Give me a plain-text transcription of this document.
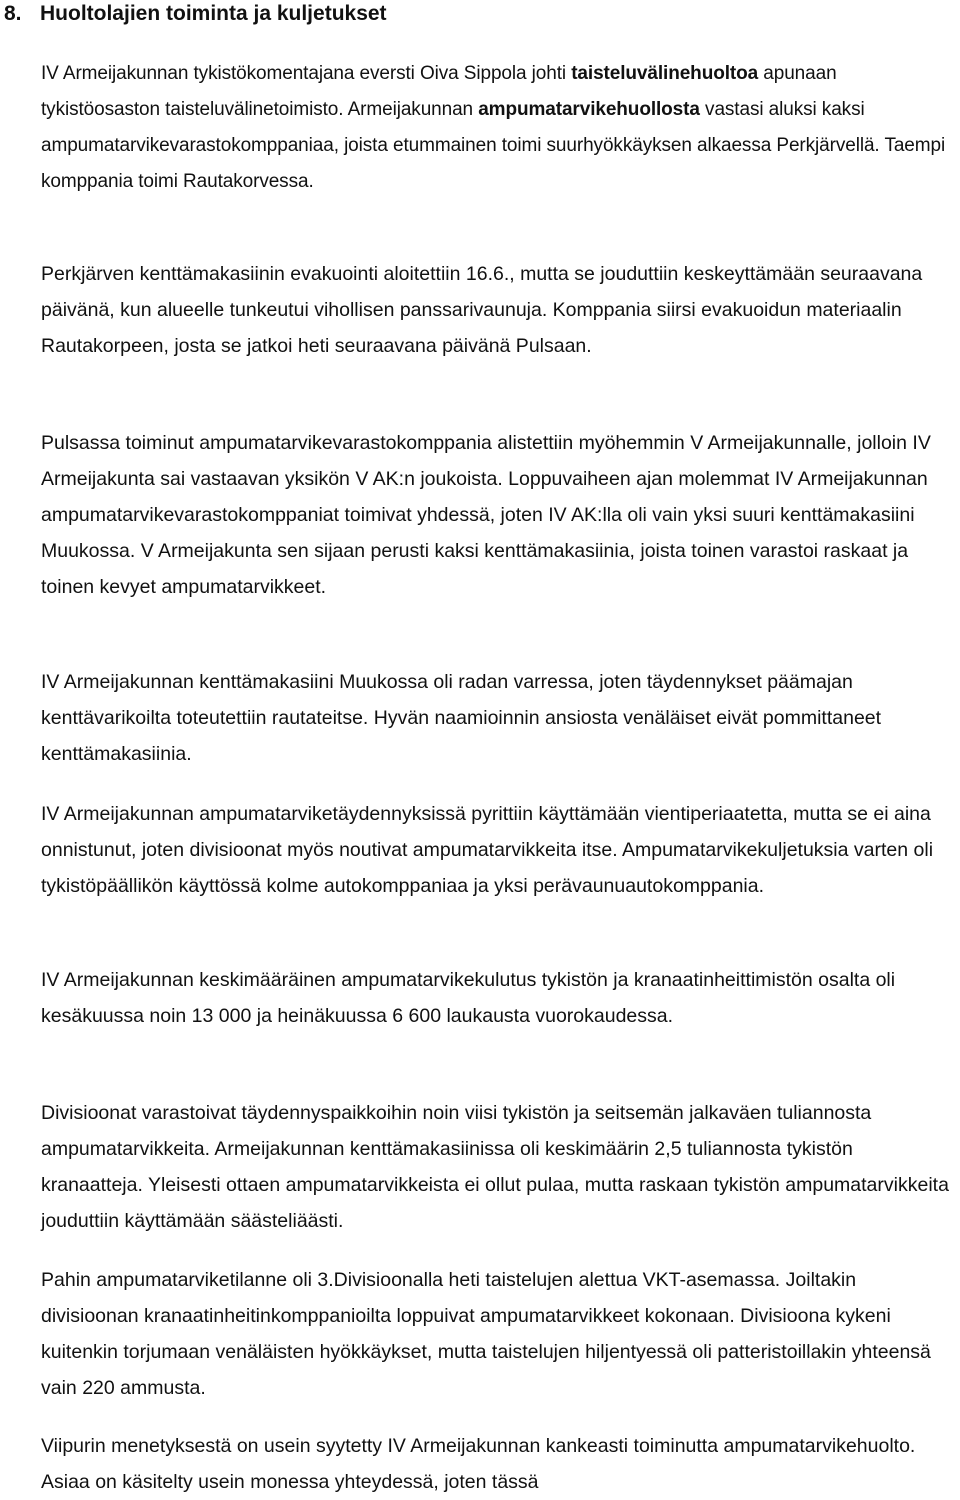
8. Huoltolajien toiminta ja kuljetukset

IV Armeijakunnan tykistökomentajana eversti Oiva Sippola johti taisteluvälinehuoltoa apunaan tykistöosaston taisteluvälinetoimisto. Armeijakunnan ampumatarvikehuollosta vastasi aluksi kaksi ampumatarvikevarastokomppaniaa, joista etummainen toimi suurhyökkäyksen alkaessa Perkjärvellä. Taempi komppania toimi Rautakorvessa.

Perkjärven kenttämakasiinin evakuointi aloitettiin 16.6., mutta se jouduttiin keskeyttämään seuraavana päivänä, kun alueelle tunkeutui vihollisen panssarivaunuja. Komppania siirsi evakuoidun materiaalin Rautakorpeen, josta se jatkoi heti seuraavana päivänä Pulsaan.

Pulsassa toiminut ampumatarvikevarastokomppania alistettiin myöhemmin V Armeijakunnalle, jolloin IV Armeijakunta sai vastaavan yksikön V AK:n joukoista. Loppuvaiheen ajan molemmat IV Armeijakunnan ampumatarvikevarastokomppaniat toimivat yhdessä, joten IV AK:lla oli vain yksi suuri kenttämakasiini Muukossa. V Armeijakunta sen sijaan perusti kaksi kenttämakasiinia, joista toinen varastoi raskaat ja toinen kevyet ampumatarvikkeet.

IV Armeijakunnan kenttämakasiini Muukossa oli radan varressa, joten täydennykset päämajan kenttävarikoilta toteutettiin rautateitse. Hyvän naamioinnin ansiosta venäläiset eivät pommittaneet kenttämakasiinia.

IV Armeijakunnan ampumatarviketäydennyksissä pyrittiin käyttämään vientiperiaatetta, mutta se ei aina onnistunut, joten divisioonat myös noutivat ampumatarvikkeita itse. Ampumatarvikekuljetuksia varten oli tykistöpäällikön käyttössä kolme autokomppaniaa ja yksi perävaunuautokomppania.

IV Armeijakunnan keskimääräinen ampumatarvikekulutus tykistön ja kranaatinheittimistön osalta oli kesäkuussa noin 13 000 ja heinäkuussa 6 600 laukausta vuorokaudessa.

Divisioonat varastoivat täydennyspaikkoihin noin viisi tykistön ja seitsemän jalkaväen tuliannosta ampumatarvikkeita. Armeijakunnan kenttämakasiinissa oli keskimäärin 2,5 tuliannosta tykistön kranaatteja. Yleisesti ottaen ampumatarvikkeista ei ollut pulaa, mutta raskaan tykistön ampumatarvikkeita jouduttiin käyttämään säästeliäästi.

Pahin ampumatarviketilanne oli 3.Divisioonalla heti taistelujen alettua VKT-asemassa. Joiltakin divisioonan kranaatinheitinkomppanioilta loppuivat ampumatarvikkeet kokonaan. Divisioona kykeni kuitenkin torjumaan venäläisten hyökkäykset, mutta taistelujen hiljentyessä oli patteristoillakin yhteensä vain 220 ammusta.

Viipurin menetyksestä on usein syytetty IV Armeijakunnan kankeasti toiminutta ampumatarvikehuolto. Asiaa on käsitelty usein monessa yhteydessä, joten tässä
